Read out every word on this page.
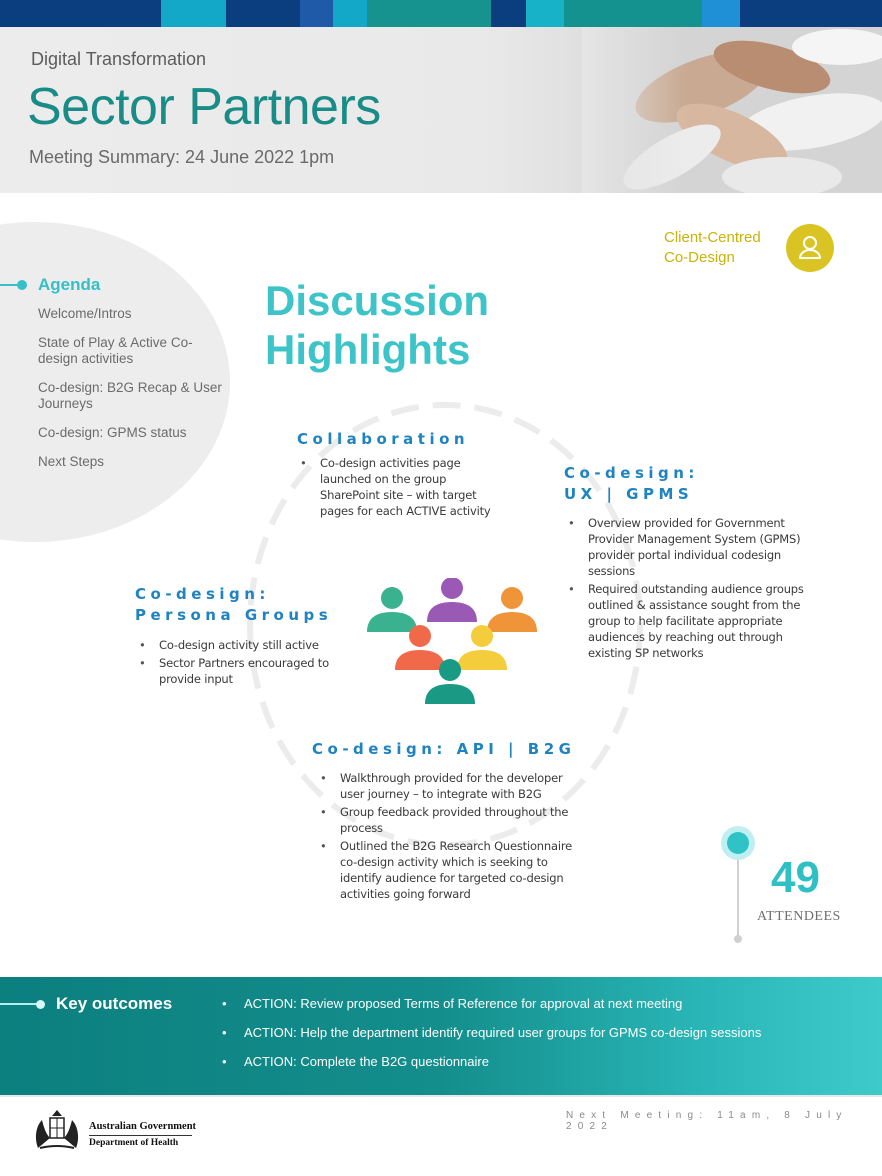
Digital Transformation
Sector Partners
Meeting Summary: 24 June 2022 1pm
Agenda
Welcome/Intros
State of Play & Active Co-design activities
Co-design: B2G Recap & User Journeys
Co-design: GPMS status
Next Steps
Client-Centred
Co-Design
Discussion
Highlights
Collaboration
• Co-design activities page launched on the group SharePoint site – with target pages for each ACTIVE activity
Co-design:
UX | GPMS
• Overview provided for Government Provider Management System (GPMS) provider portal individual codesign sessions
• Required outstanding audience groups outlined & assistance sought from the group to help facilitate appropriate audiences by reaching out through existing SP networks
Co-design:
Persona Groups
• Co-design activity still active
• Sector Partners encouraged to provide input
Co-design: API | B2G
• Walkthrough provided for the developer user journey – to integrate with B2G
• Group feedback provided throughout the process
• Outlined the B2G Research Questionnaire co-design activity which is seeking to identify audience for targeted co-design activities going forward	49
ATTENDEES
Key outcomes
•	ACTION: Review proposed Terms of Reference for approval at next meeting
• ACTION: Help the department identify required user groups for GPMS co-design sessions
• ACTION: Complete the B2G questionnaire
Australian Government
Department of Health
Next Meeting: 11am, 8 July 2022
